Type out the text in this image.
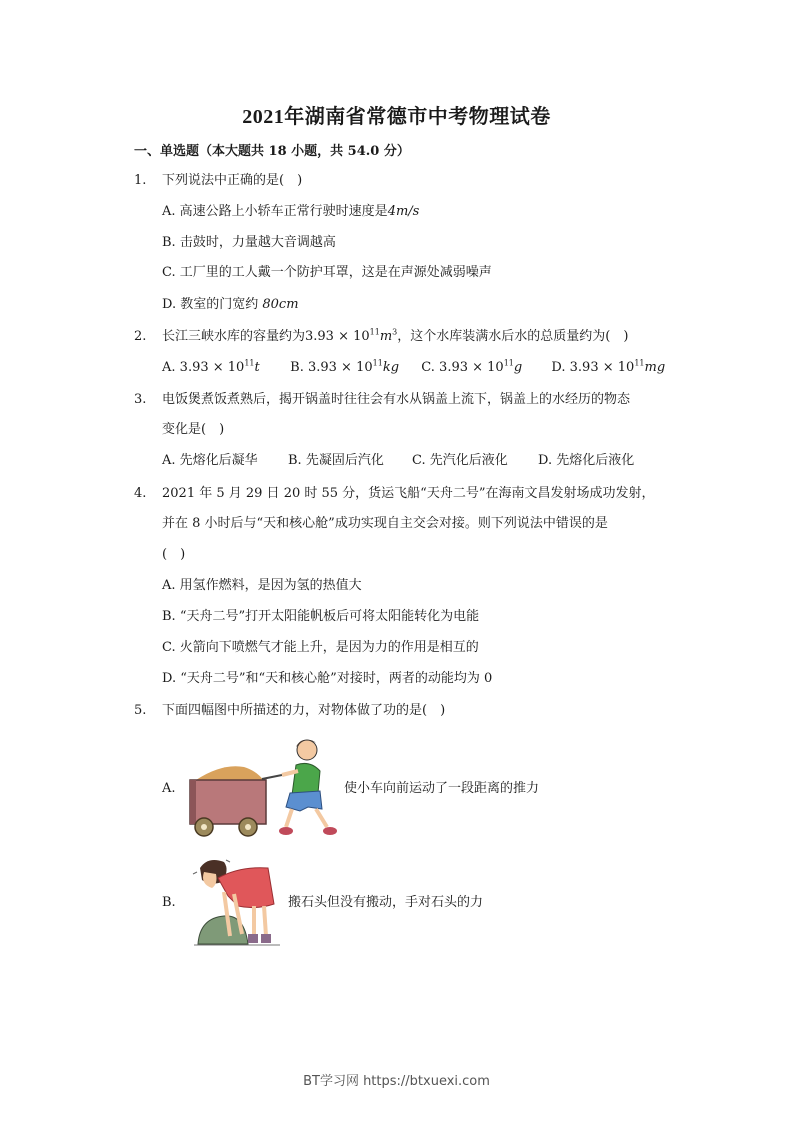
2021年湖南省常德市中考物理试卷
一、单选题（本大题共 18 小题，共 54.0 分）
1. 下列说法中正确的是(　)
A. 高速公路上小轿车正常行驶时速度是4m/s
B. 击鼓时，力量越大音调越高
C. 工厂里的工人戴一个防护耳罩，这是在声源处减弱噪声
D. 教室的门宽约 80cm
2. 长江三峡水库的容量约为$3.93 \times 10^{11}m^3$，这个水库装满水后水的总质量约为(　)
A. $3.93 \times 10^{11}t$ B. $3.93 \times 10^{11}kg$ C. $3.93 \times 10^{11}g$ D. $3.93 \times 10^{11}mg$
3. 电饭煲煮饭煮熟后，揭开锅盖时往往会有水从锅盖上流下，锅盖上的水经历的物态
变化是(　)
A. 先熔化后凝华 B. 先凝固后汽化 C. 先汽化后液化 D. 先熔化后液化
4. 2021 年 5 月 29 日 20 时 55 分，货运飞船“天舟二号”在海南文昌发射场成功发射，
并在 8 小时后与“天和核心舱”成功实现自主交会对接。则下列说法中错误的是
(　)
A. 用氢作燃料，是因为氢的热值大
B. “天舟二号”打开太阳能帆板后可将太阳能转化为电能
C. 火箭向下喷燃气才能上升，是因为力的作用是相互的
D. “天舟二号”和“天和核心舱”对接时，两者的动能均为 0
5. 下面四幅图中所描述的力，对物体做了功的是(　)
A.	使小车向前运动了一段距离的推力
B.	搬石头但没有搬动，手对石头的力
BT学习网 https://btxuexi.com
